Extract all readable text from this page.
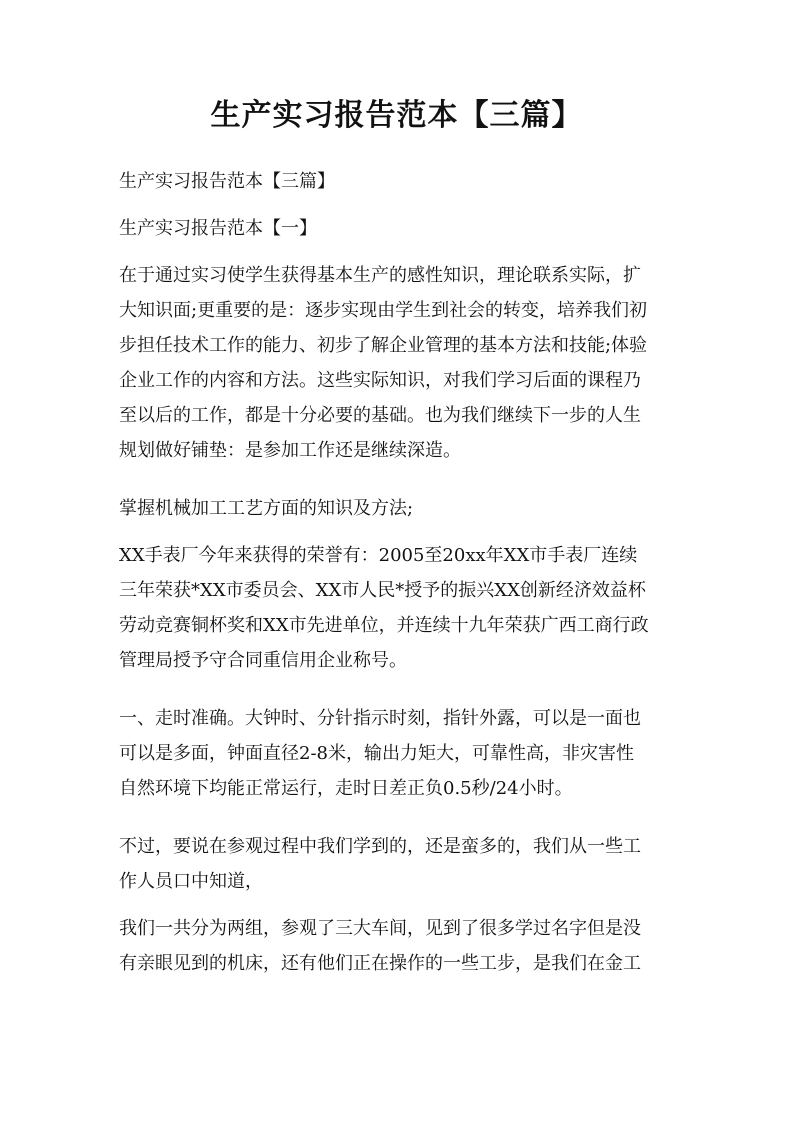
生产实习报告范本【三篇】
生产实习报告范本【三篇】
生产实习报告范本【一】
在于通过实习使学生获得基本生产的感性知识，理论联系实际，扩
大知识面;更重要的是：逐步实现由学生到社会的转变，培养我们初
步担任技术工作的能力、初步了解企业管理的基本方法和技能;体验
企业工作的内容和方法。这些实际知识，对我们学习后面的课程乃
至以后的工作，都是十分必要的基础。也为我们继续下一步的人生
规划做好铺垫：是参加工作还是继续深造。
掌握机械加工工艺方面的知识及方法;
XX手表厂今年来获得的荣誉有：2005至20xx年XX市手表厂连续
三年荣获*XX市委员会、XX市人民*授予的振兴XX创新经济效益杯
劳动竞赛铜杯奖和XX市先进单位，并连续十九年荣获广西工商行政
管理局授予守合同重信用企业称号。
一、走时准确。大钟时、分针指示时刻，指针外露，可以是一面也
可以是多面，钟面直径2-8米，输出力矩大，可靠性高，非灾害性
自然环境下均能正常运行，走时日差正负0.5秒/24小时。
不过，要说在参观过程中我们学到的，还是蛮多的，我们从一些工
作人员口中知道，
我们一共分为两组，参观了三大车间，见到了很多学过名字但是没
有亲眼见到的机床，还有他们正在操作的一些工步，是我们在金工
